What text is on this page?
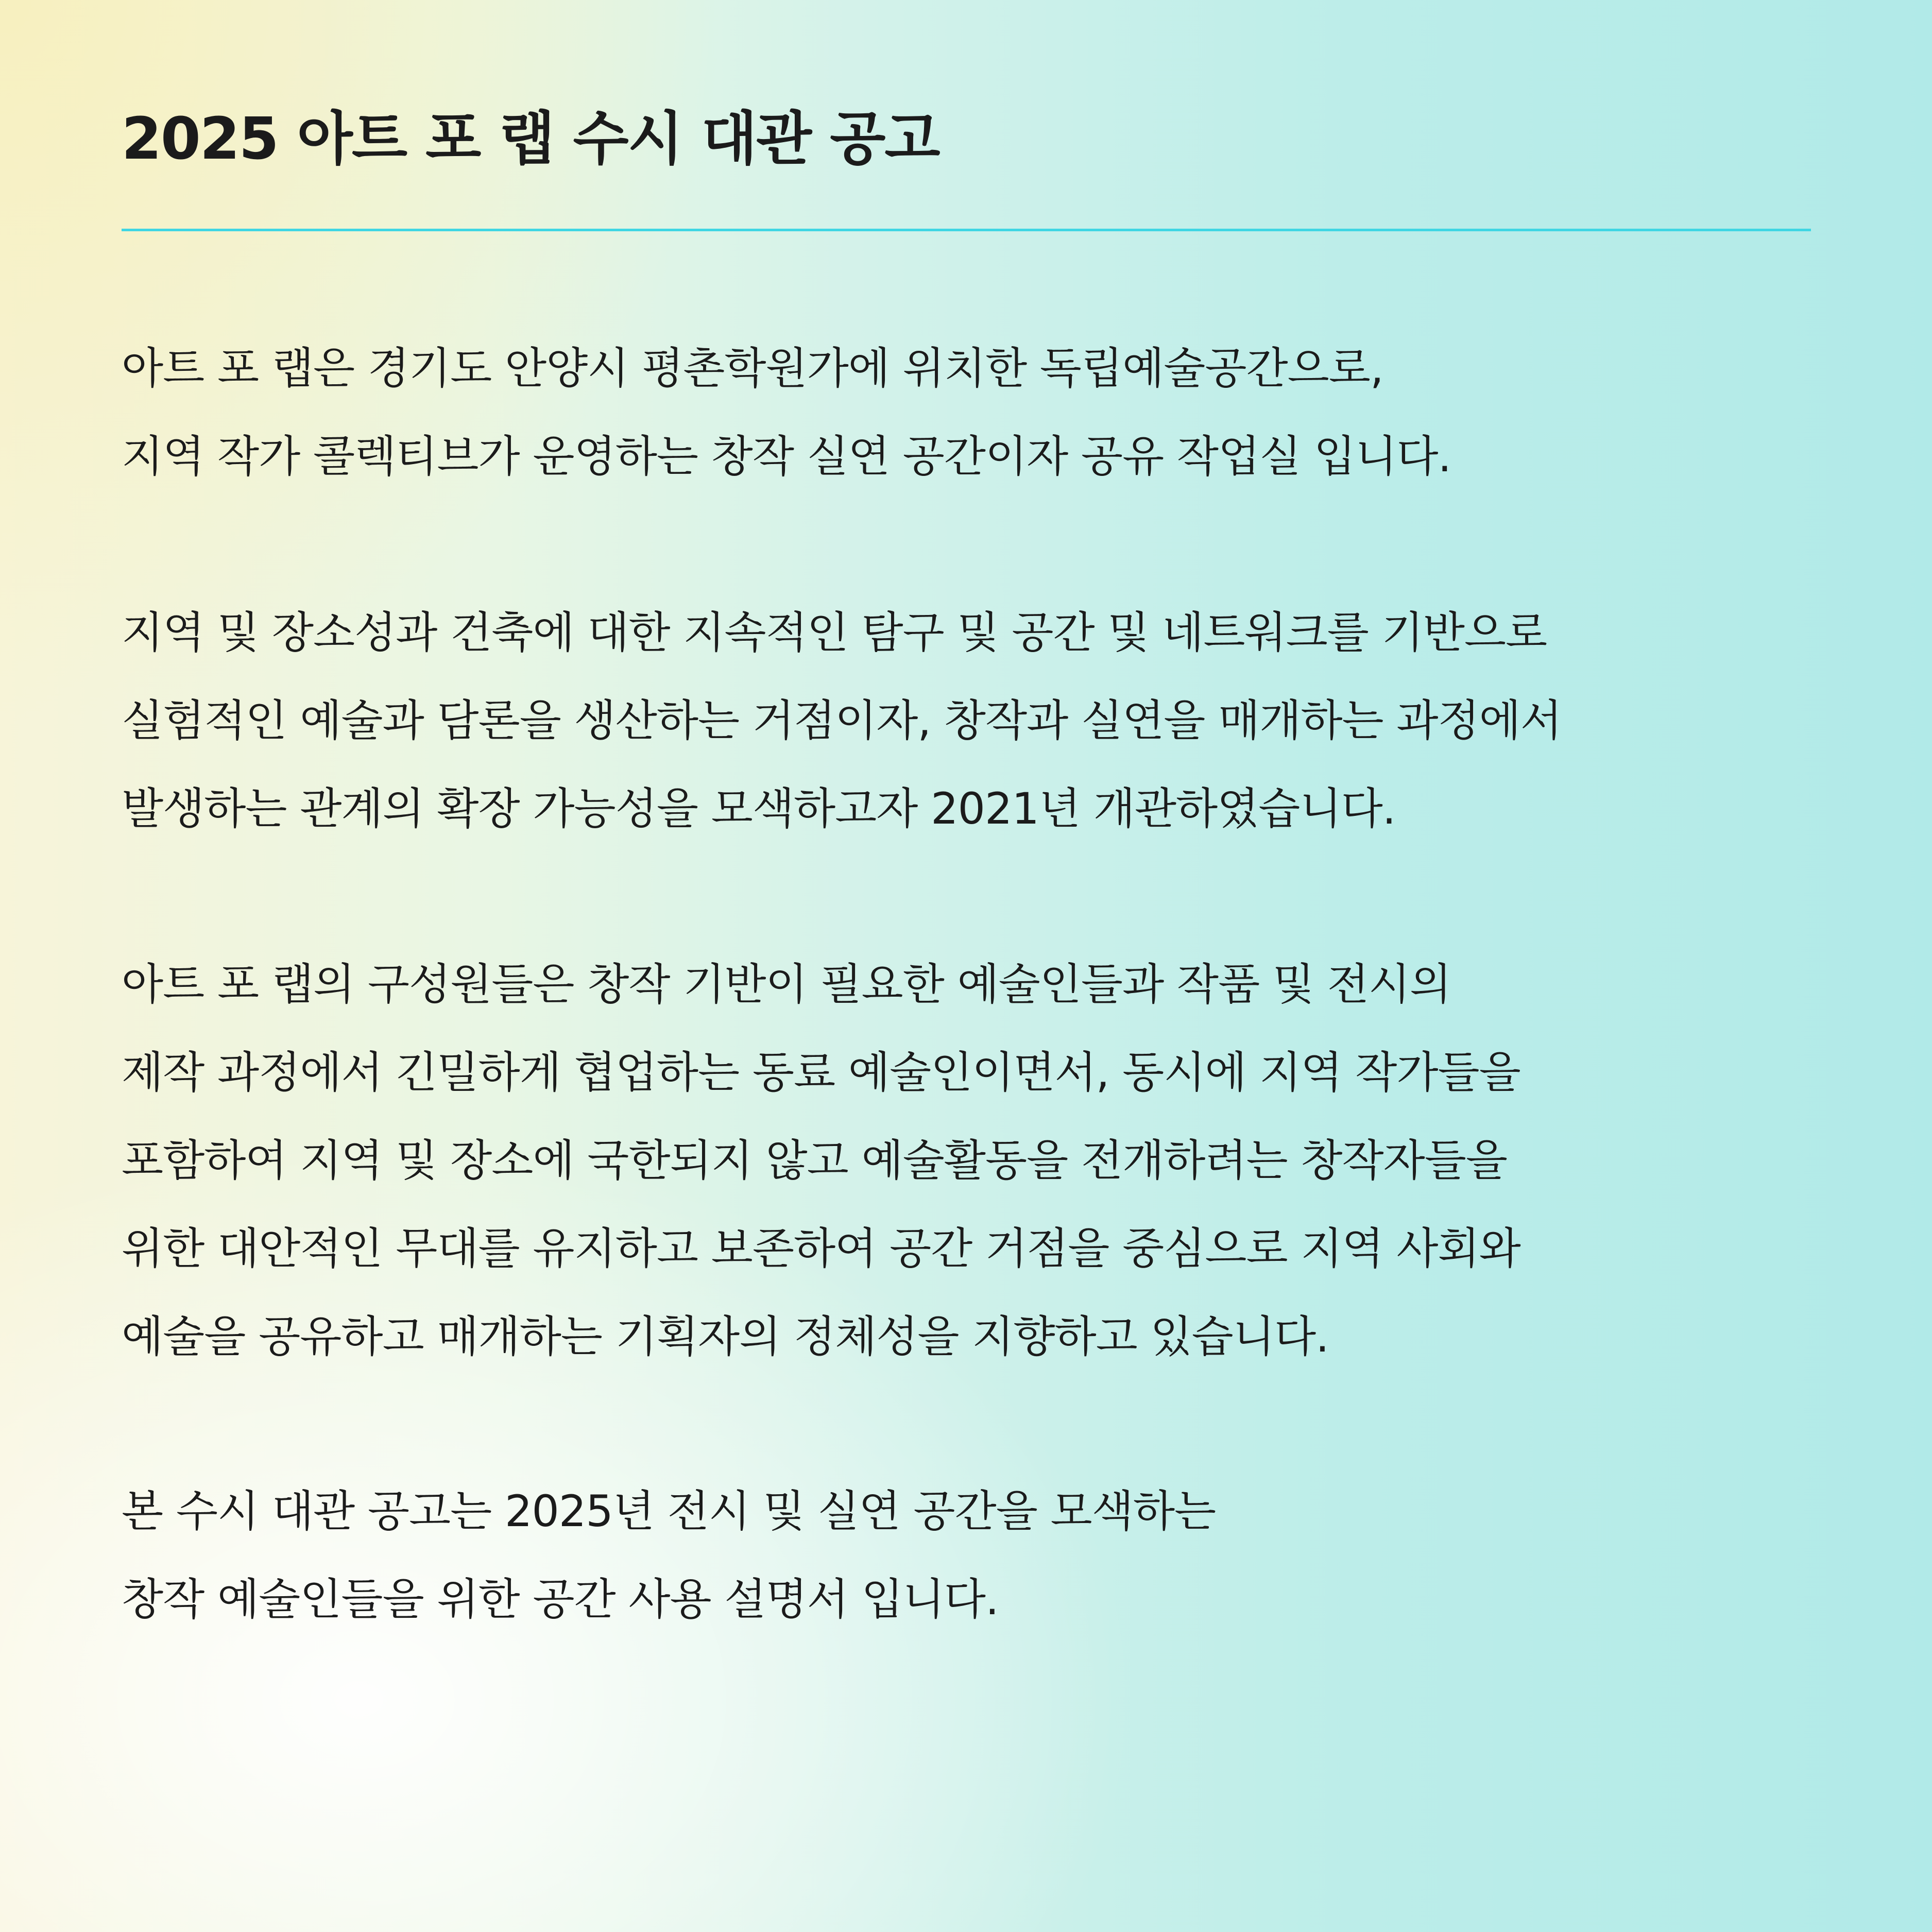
2025 아트 포 랩 수시 대관 공고

아트 포 랩은 경기도 안양시 평촌학원가에 위치한 독립예술공간으로,
지역 작가 콜렉티브가 운영하는 창작 실연 공간이자 공유 작업실 입니다.

지역 및 장소성과 건축에 대한 지속적인 탐구 및 공간 및 네트워크를 기반으로
실험적인 예술과 담론을 생산하는 거점이자, 창작과 실연을 매개하는 과정에서
발생하는 관계의 확장 가능성을 모색하고자 2021년 개관하였습니다.

아트 포 랩의 구성원들은 창작 기반이 필요한 예술인들과 작품 및 전시의
제작 과정에서 긴밀하게 협업하는 동료 예술인이면서, 동시에 지역 작가들을
포함하여 지역 및 장소에 국한되지 않고 예술활동을 전개하려는 창작자들을
위한 대안적인 무대를 유지하고 보존하여 공간 거점을 중심으로 지역 사회와
예술을 공유하고 매개하는 기획자의 정체성을 지향하고 있습니다.

본 수시 대관 공고는 2025년 전시 및 실연 공간을 모색하는
창작 예술인들을 위한 공간 사용 설명서 입니다.
